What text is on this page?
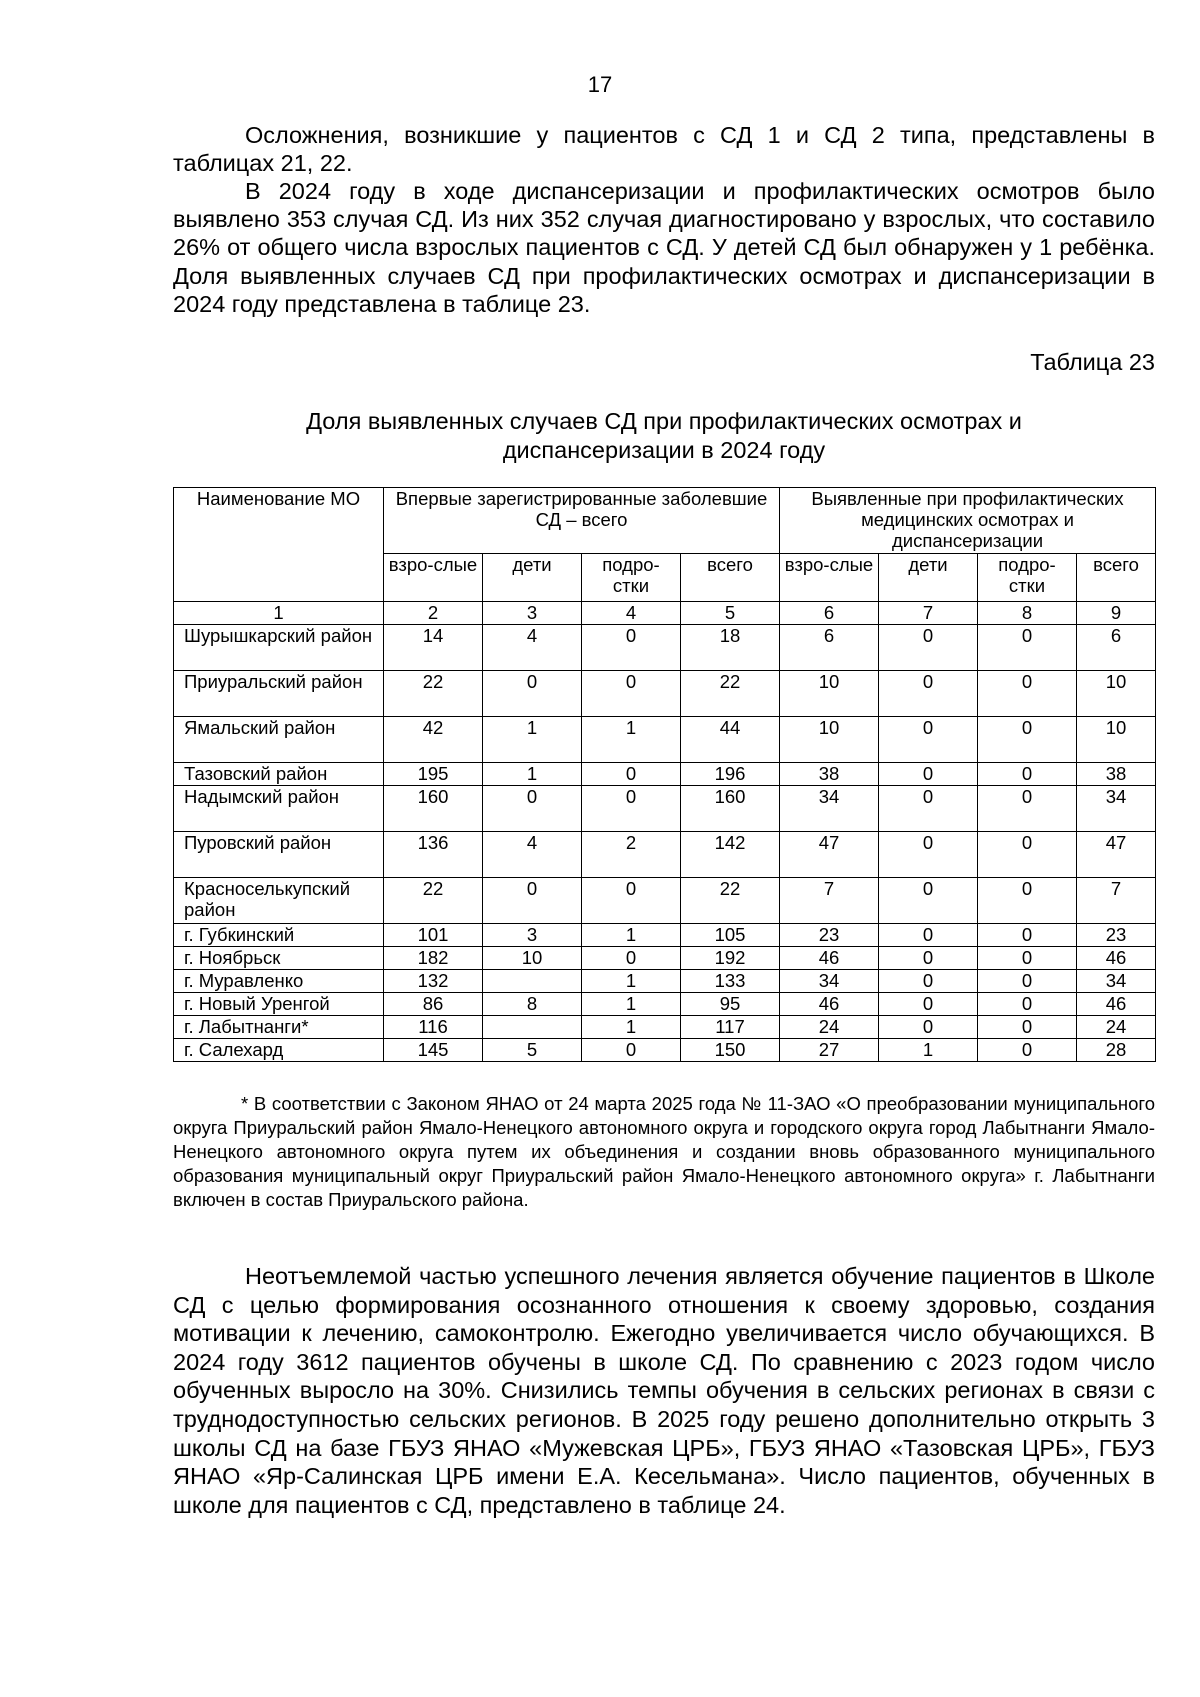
17

Осложнения, возникшие у пациентов с СД 1 и СД 2 типа, представлены в таблицах 21, 22.

В 2024 году в ходе диспансеризации и профилактических осмотров было выявлено 353 случая СД. Из них 352 случая диагностировано у взрослых, что составило 26% от общего числа взрослых пациентов с СД. У детей СД был обнаружен у 1 ребёнка. Доля выявленных случаев СД при профилактических осмотрах и диспансеризации в 2024 году представлена в таблице 23.

Таблица 23
Доля выявленных случаев СД при профилактических осмотрах и
диспансеризации в 2024 году
Наименование МО	Впервые зарегистрированные заболевшие СД – всего				Выявленные при профилактических медицинских осмотрах и диспансеризации			
	взро-слые	дети	подро-стки	всего	взро-слые	дети	подро-стки	всего
1	2	3	4	5	6	7	8	9
Шурышкарский район	14	4	0	18	6	0	0	6
Приуральский район	22	0	0	22	10	0	0	10
Ямальский район	42	1	1	44	10	0	0	10
Тазовский район	195	1	0	196	38	0	0	38
Надымский район	160	0	0	160	34	0	0	34
Пуровский район	136	4	2	142	47	0	0	47
Красноселькупский район	22	0	0	22	7	0	0	7
г. Губкинский	101	3	1	105	23	0	0	23
г. Ноябрьск	182	10	0	192	46	0	0	46
г. Муравленко	132		1	133	34	0	0	34
г. Новый Уренгой	86	8	1	95	46	0	0	46
г. Лабытнанги*	116		1	117	24	0	0	24
г. Салехард	145	5	0	150	27	1	0	28

* В соответствии с Законом ЯНАО от 24 марта 2025 года № 11-ЗАО «О преобразовании муниципального округа Приуральский район Ямало-Ненецкого автономного округа и городского округа город Лабытнанги Ямало-Ненецкого автономного округа путем их объединения и создании вновь образованного муниципального образования муниципальный округ Приуральский район Ямало-Ненецкого автономного округа» г. Лабытнанги включен в состав Приуральского района.

Неотъемлемой частью успешного лечения является обучение пациентов в Школе СД с целью формирования осознанного отношения к своему здоровью, создания мотивации к лечению, самоконтролю. Ежегодно увеличивается число обучающихся. В 2024 году 3612 пациентов обучены в школе СД. По сравнению с 2023 годом число обученных выросло на 30%. Снизились темпы обучения в сельских регионах в связи с труднодоступностью сельских регионов. В 2025 году решено дополнительно открыть 3 школы СД на базе ГБУЗ ЯНАО «Мужевская ЦРБ», ГБУЗ ЯНАО «Тазовская ЦРБ», ГБУЗ ЯНАО «Яр-Салинская ЦРБ имени Е.А. Кесельмана». Число пациентов, обученных в школе для пациентов с СД, представлено в таблице 24.
